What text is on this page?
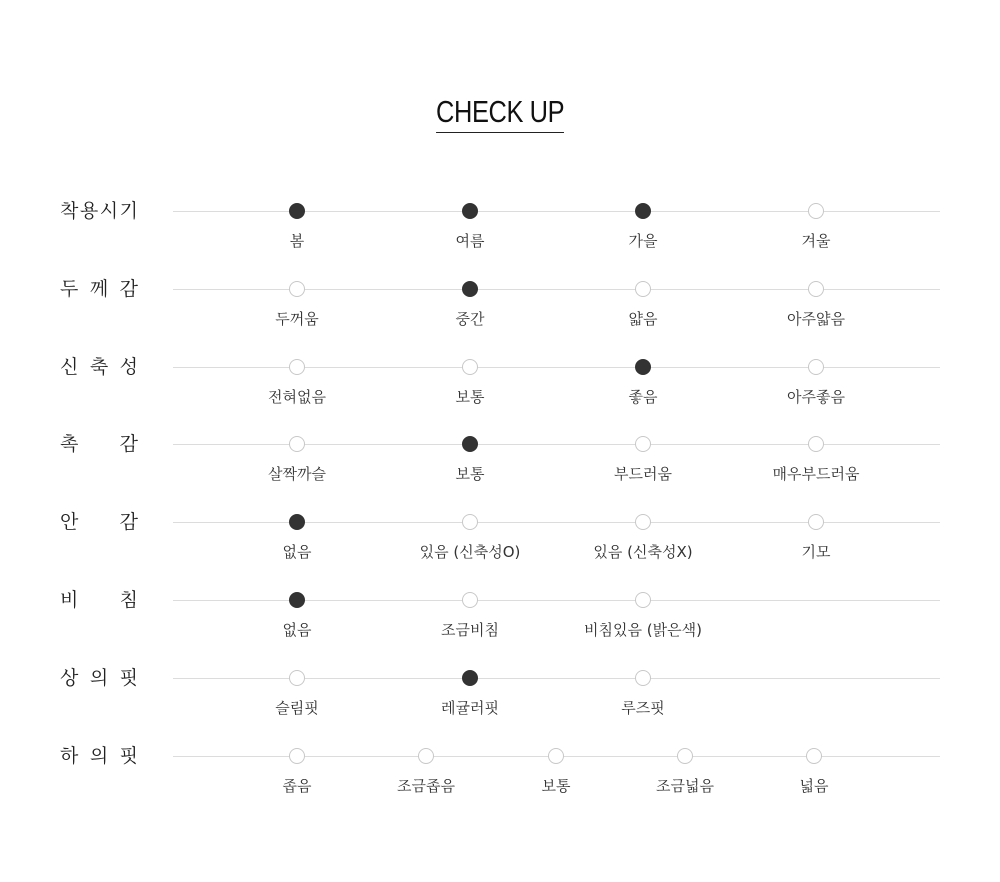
CHECK UP
착 용 시 기
봄	여름	가을	겨울
두 께 감
두꺼움	중간	얇음	아주얇음
신 축 성
전혀없음	보통	좋음	아주좋음
촉 감
살짝까슬	보통	부드러움	매우부드러움
안 감
없음	있음 (신축성O)	있음 (신축성X)	기모
비 침
없음	조금비침	비침있음 (밝은색)
상 의 핏
슬림핏	레귤러핏	루즈핏
하 의 핏
좁음	조금좁음	보통	조금넓음	넓음
